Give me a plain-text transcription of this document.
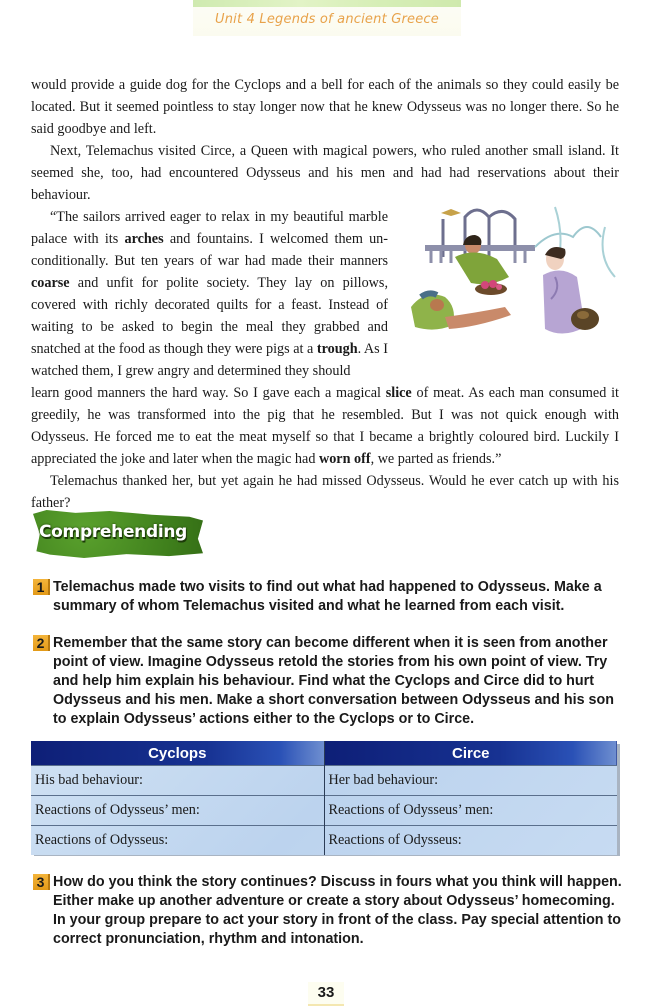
Unit 4 Legends of ancient Greece

would provide a guide dog for the Cyclops and a bell for each of the animals so they could easily be located. But it seemed pointless to stay longer now that he knew Odysseus was no longer there. So he said goodbye and left.

Next, Telemachus visited Circe, a Queen with magical powers, who ruled another small island. It seemed she, too, had encountered Odysseus and his men and had had reservations about their behaviour.

“The sailors arrived eager to relax in my beautiful marble palace with its arches and fountains. I welcomed them un-conditionally. But ten years of war had made their manners coarse and unfit for polite society. They lay on pillows, covered with richly decorated quilts for a feast. Instead of waiting to be asked to begin the meal they grabbed and snatched at the food as though they were pigs at a trough. As I watched them, I grew angry and determined they should

learn good manners the hard way. So I gave each a magical slice of meat. As each man consumed it greedily, he was transformed into the pig that he resembled. But I was not quick enough with Odysseus. He forced me to eat the meat myself so that I became a brightly coloured bird. Luckily I appreciated the joke and later when the magic had worn off, we parted as friends.”

Telemachus thanked her, but yet again he had missed Odysseus. Would he ever catch up with his father?

Comprehending
1 Telemachus made two visits to find out what had happened to Odysseus. Make a summary of whom Telemachus visited and what he learned from each visit.
2 Remember that the same story can become different when it is seen from another point of view. Imagine Odysseus retold the stories from his own point of view. Try and help him explain his behaviour. Find what the Cyclops and Circe did to hurt Odysseus and his men. Make a short conversation between Odysseus and his son to explain Odysseus’ actions either to the Cyclops or to Circe.
Cyclops	Circe
His bad behaviour:	Her bad behaviour:
Reactions of Odysseus’ men:	Reactions of Odysseus’ men:
Reactions of Odysseus:	Reactions of Odysseus:
3 How do you think the story continues? Discuss in fours what you think will happen. Either make up another adventure or create a story about Odysseus’ homecoming. In your group prepare to act your story in front of the class. Pay special attention to correct pronunciation, rhythm and intonation.
33
